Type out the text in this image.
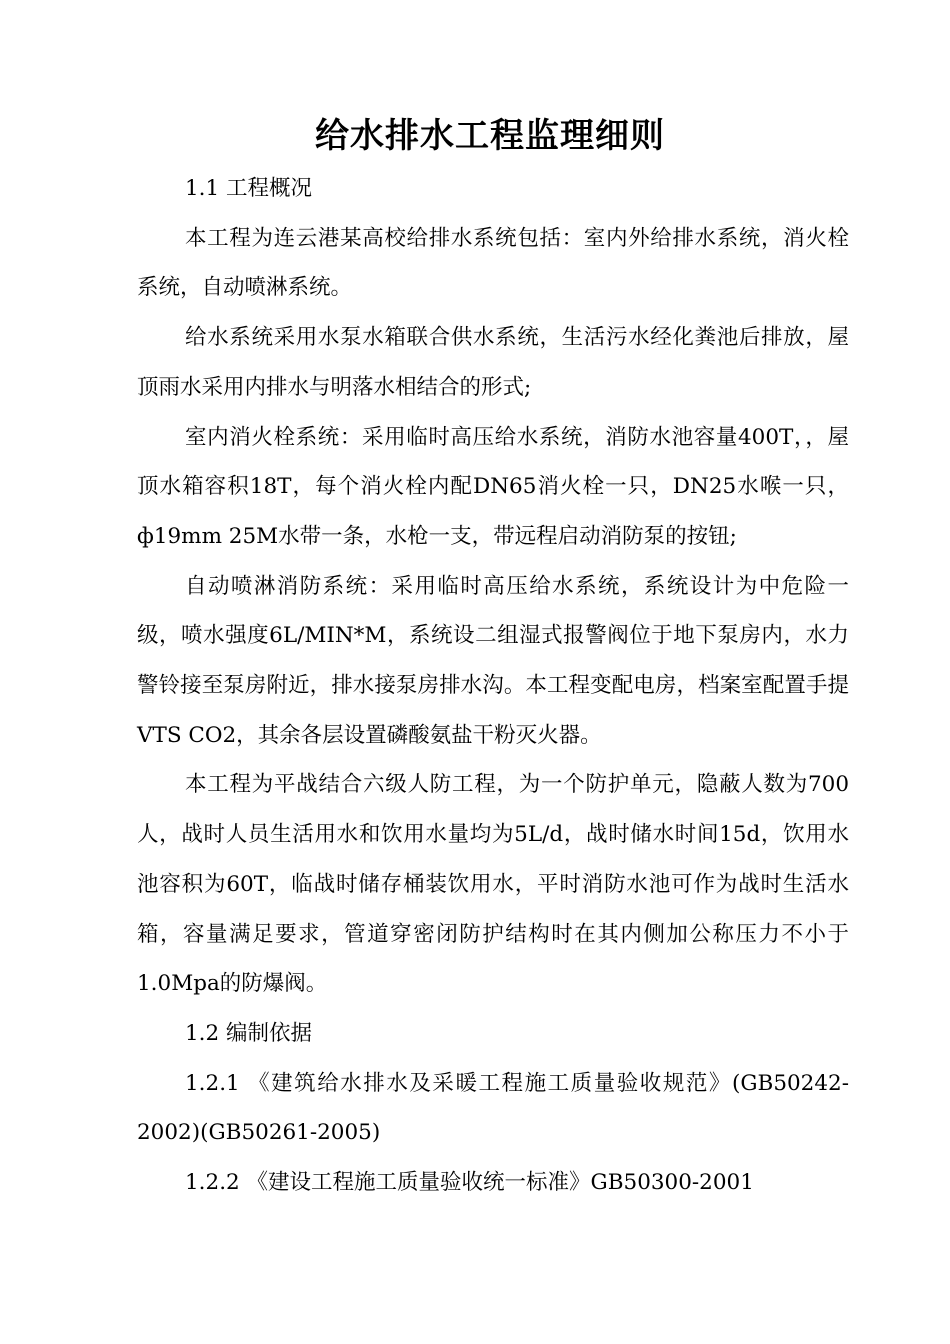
给水排水工程监理细则

1.1 工程概况

本工程为连云港某高校给排水系统包括：室内外给排水系统，消火栓系统，自动喷淋系统。

给水系统采用水泵水箱联合供水系统，生活污水经化粪池后排放，屋顶雨水采用内排水与明落水相结合的形式;

室内消火栓系统：采用临时高压给水系统，消防水池容量400T，，屋顶水箱容积18T，每个消火栓内配DN65消火栓一只，DN25水喉一只，ф19mm 25M水带一条，水枪一支，带远程启动消防泵的按钮;

自动喷淋消防系统：采用临时高压给水系统，系统设计为中危险一级，喷水强度6L/MIN*M，系统设二组湿式报警阀位于地下泵房内，水力警铃接至泵房附近，排水接泵房排水沟。本工程变配电房，档案室配置手提VTS CO2，其余各层设置磷酸氨盐干粉灭火器。

本工程为平战结合六级人防工程，为一个防护单元，隐蔽人数为700人，战时人员生活用水和饮用水量均为5L/d，战时储水时间15d，饮用水池容积为60T，临战时储存桶装饮用水，平时消防水池可作为战时生活水箱，容量满足要求，管道穿密闭防护结构时在其内侧加公称压力不小于1.0Mpa的防爆阀。

1.2 编制依据

1.2.1 《建筑给水排水及采暖工程施工质量验收规范》(GB50242-2002)(GB50261-2005)

1.2.2 《建设工程施工质量验收统一标准》GB50300-2001
